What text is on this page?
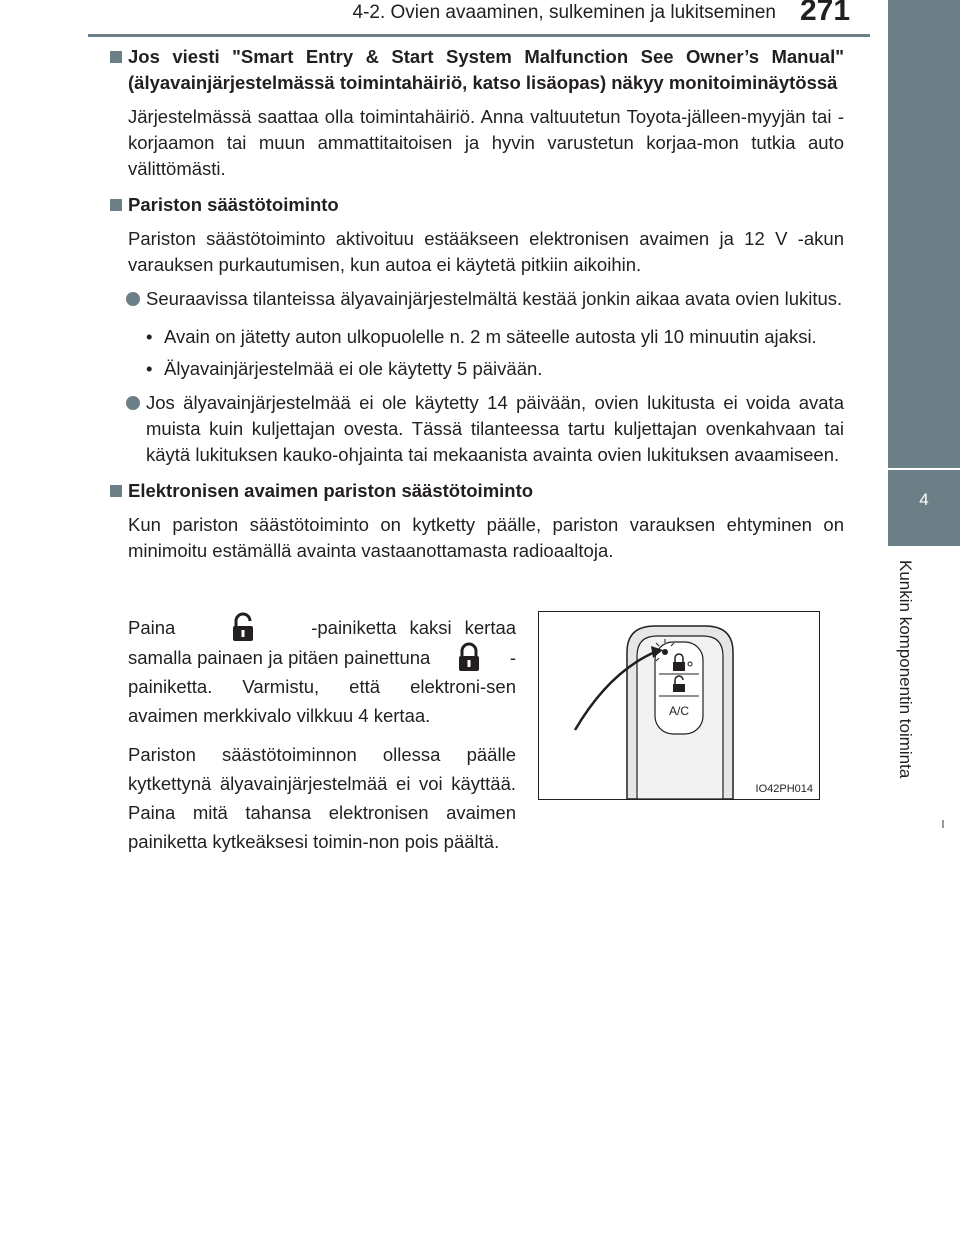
4-2. Ovien avaaminen, sulkeminen ja lukitseminen 271
4
Kunkin komponentin toiminta
Jos viesti "Smart Entry & Start System Malfunction See Owner’s Manual" (älyavainjärjestelmässä toimintahäiriö, katso lisäopas) näkyy monitoiminäytössä
Järjestelmässä saattaa olla toimintahäiriö. Anna valtuutetun Toyota-jälleen-myyjän tai -korjaamon tai muun ammattitaitoisen ja hyvin varustetun korjaa-mon tutkia auto välittömästi.
Pariston säästötoiminto
Pariston säästötoiminto aktivoituu estääkseen elektronisen avaimen ja 12 V -akun varauksen purkautumisen, kun autoa ei käytetä pitkiin aikoihin.
Seuraavissa tilanteissa älyavainjärjestelmältä kestää jonkin aikaa avata ovien lukitus.
• Avain on jätetty auton ulkopuolelle n. 2 m säteelle autosta yli 10 minuutin ajaksi.
• Älyavainjärjestelmää ei ole käytetty 5 päivään.
Jos älyavainjärjestelmää ei ole käytetty 14 päivään, ovien lukitusta ei voida avata muista kuin kuljettajan ovesta. Tässä tilanteessa tartu kuljettajan ovenkahvaan tai käytä lukituksen kauko-ohjainta tai mekaanista avainta ovien lukituksen avaamiseen.
Elektronisen avaimen pariston säästötoiminto
Kun pariston säästötoiminto on kytketty päälle, pariston varauksen ehtyminen on minimoitu estämällä avainta vastaanottamasta radioaaltoja.

Paina	-painiketta kaksi kertaa samalla painaen ja pitäen painettuna	-painiketta. Varmistu, että elektroni-sen avaimen merkkivalo vilkkuu 4 kertaa.

Pariston säästötoiminnon ollessa päälle kytkettynä älyavainjärjestelmää ei voi käyttää. Paina mitä tahansa elektronisen avaimen painiketta kytkeäksesi toimin-non pois päältä.

A/C
IO42PH014
